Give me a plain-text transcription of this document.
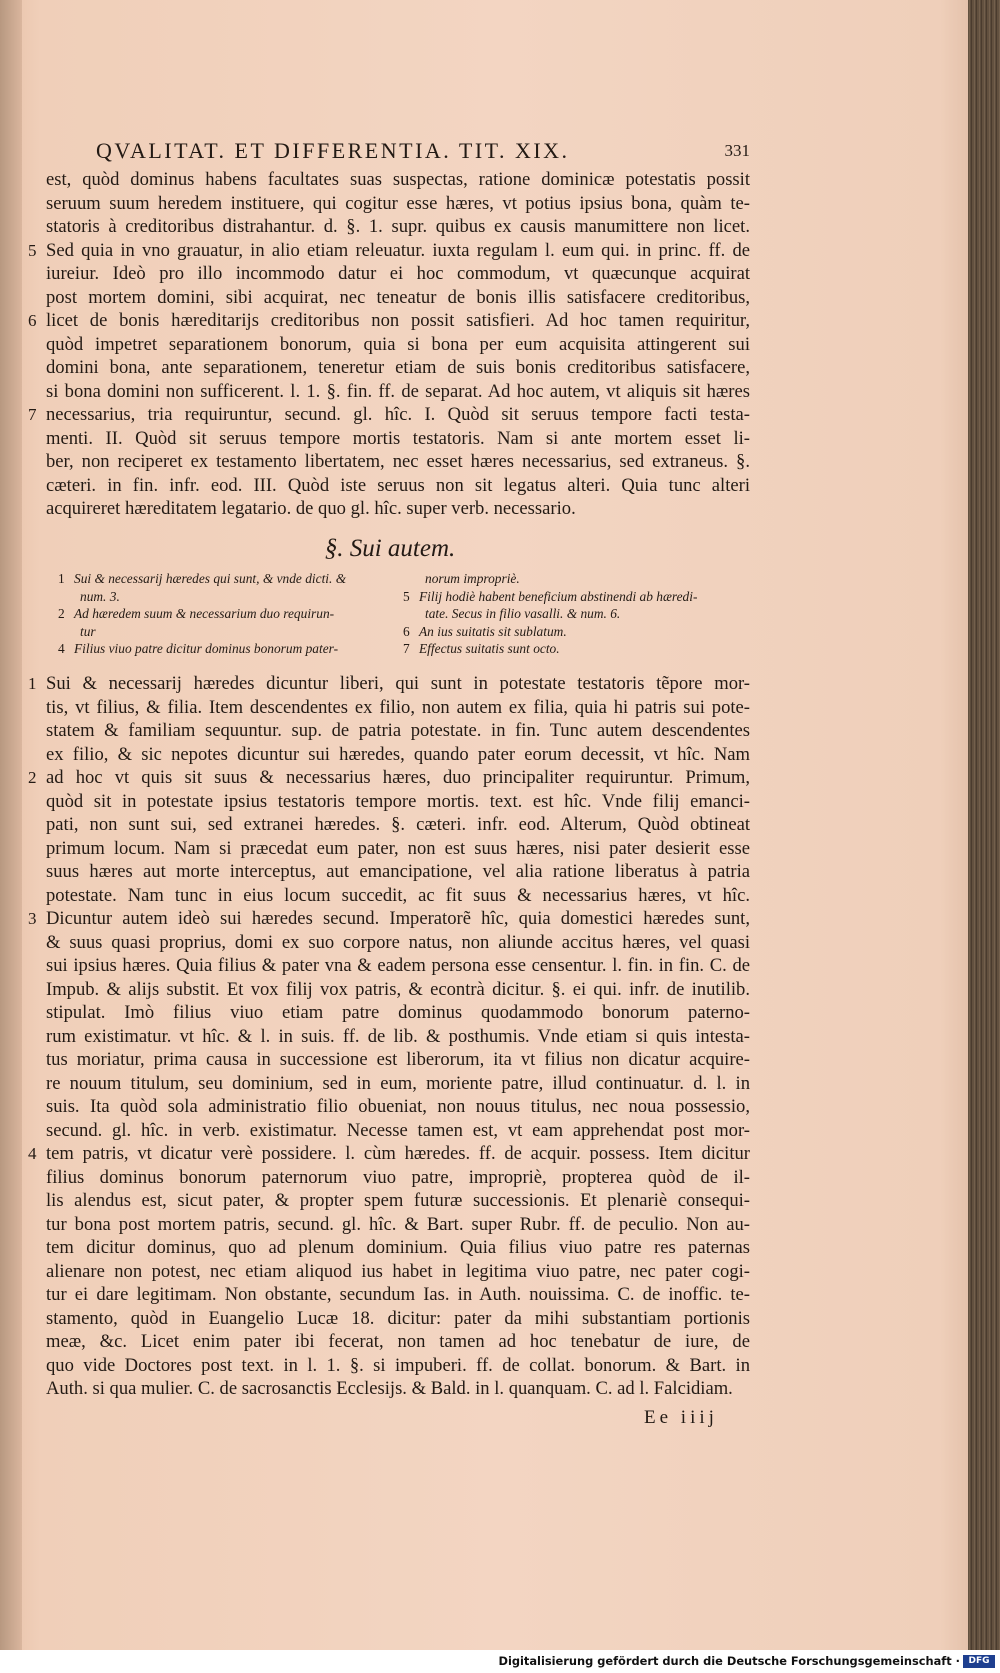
QVALITAT. ET DIFFERENTIA. TIT. XIX.	331
est, quòd dominus habens facultates suas suspectas, ratione dominicæ potestatis possit
seruum suum heredem instituere, qui cogitur esse hæres, vt potius ipsius bona, quàm te-
statoris à creditoribus distrahantur. d. §. 1. supr. quibus ex causis manumittere non licet.
5 Sed quia in vno grauatur, in alio etiam releuatur. iuxta regulam l. eum qui. in princ. ff. de
iureiur. Ideò pro illo incommodo datur ei hoc commodum, vt quæcunque acquirat
post mortem domini, sibi acquirat, nec teneatur de bonis illis satisfacere creditoribus,
6 licet de bonis hæreditarijs creditoribus non possit satisfieri. Ad hoc tamen requiritur,
quòd impetret separationem bonorum, quia si bona per eum acquisita attingerent sui
domini bona, ante separationem, teneretur etiam de suis bonis creditoribus satisfacere,
si bona domini non sufficerent. l. 1. §. fin. ff. de separat. Ad hoc autem, vt aliquis sit hæres
7 necessarius, tria requiruntur, secund. gl. hîc. I. Quòd sit seruus tempore facti testa-
menti. II. Quòd sit seruus tempore mortis testatoris. Nam si ante mortem esset li-
ber, non reciperet ex testamento libertatem, nec esset hæres necessarius, sed extraneus. §.
cæteri. in fin. infr. eod. III. Quòd iste seruus non sit legatus alteri. Quia tunc alteri
acquireret hæreditatem legatario. de quo gl. hîc. super verb. necessario.
§. Sui autem.
1 Sui & necessarij hæredes qui sunt, & vnde dicti. &
num. 3.
2 Ad hæredem suum & necessarium duo requirun-
tur
4 Filius viuo patre dicitur dominus bonorum pater-
norum impropriè.
5 Filij hodiè habent beneficium abstinendi ab hæredi-
tate. Secus in filio vasalli. & num. 6.
6 An ius suitatis sit sublatum.
7 Effectus suitatis sunt octo.
1 Sui & necessarij hæredes dicuntur liberi, qui sunt in potestate testatoris tẽpore mor-
tis, vt filius, & filia. Item descendentes ex filio, non autem ex filia, quia hi patris sui pote-
statem & familiam sequuntur. sup. de patria potestate. in fin. Tunc autem descendentes
ex filio, & sic nepotes dicuntur sui hæredes, quando pater eorum decessit, vt hîc. Nam
2 ad hoc vt quis sit suus & necessarius hæres, duo principaliter requiruntur. Primum,
quòd sit in potestate ipsius testatoris tempore mortis. text. est hîc. Vnde filij emanci-
pati, non sunt sui, sed extranei hæredes. §. cæteri. infr. eod. Alterum, Quòd obtineat
primum locum. Nam si præcedat eum pater, non est suus hæres, nisi pater desierit esse
suus hæres aut morte interceptus, aut emancipatione, vel alia ratione liberatus à patria
potestate. Nam tunc in eius locum succedit, ac fit suus & necessarius hæres, vt hîc.
3 Dicuntur autem ideò sui hæredes secund. Imperatorẽ hîc, quia domestici hæredes sunt,
& suus quasi proprius, domi ex suo corpore natus, non aliunde accitus hæres, vel quasi
sui ipsius hæres. Quia filius & pater vna & eadem persona esse censentur. l. fin. in fin. C. de
Impub. & alijs substit. Et vox filij vox patris, & econtrà dicitur. §. ei qui. infr. de inutilib.
stipulat. Imò filius viuo etiam patre dominus quodammodo bonorum paterno-
rum existimatur. vt hîc. & l. in suis. ff. de lib. & posthumis. Vnde etiam si quis intesta-
tus moriatur, prima causa in successione est liberorum, ita vt filius non dicatur acquire-
re nouum titulum, seu dominium, sed in eum, moriente patre, illud continuatur. d. l. in
suis. Ita quòd sola administratio filio obueniat, non nouus titulus, nec noua possessio,
secund. gl. hîc. in verb. existimatur. Necesse tamen est, vt eam apprehendat post mor-
4 tem patris, vt dicatur verè possidere. l. cùm hæredes. ff. de acquir. possess. Item dicitur
filius dominus bonorum paternorum viuo patre, impropriè, propterea quòd de il-
lis alendus est, sicut pater, & propter spem futuræ successionis. Et plenariè consequi-
tur bona post mortem patris, secund. gl. hîc. & Bart. super Rubr. ff. de peculio. Non au-
tem dicitur dominus, quo ad plenum dominium. Quia filius viuo patre res paternas
alienare non potest, nec etiam aliquod ius habet in legitima viuo patre, nec pater cogi-
tur ei dare legitimam. Non obstante, secundum Ias. in Auth. nouissima. C. de inoffic. te-
stamento, quòd in Euangelio Lucæ 18. dicitur: pater da mihi substantiam portionis
meæ, &c. Licet enim pater ibi fecerat, non tamen ad hoc tenebatur de iure, de
quo vide Doctores post text. in l. 1. §. si impuberi. ff. de collat. bonorum. & Bart. in
Auth. si qua mulier. C. de sacrosanctis Ecclesijs. & Bald. in l. quanquam. C. ad l. Falcidiam.
Ee iiij
Digitalisierung gefördert durch die Deutsche Forschungsgemeinschaft · DFG
